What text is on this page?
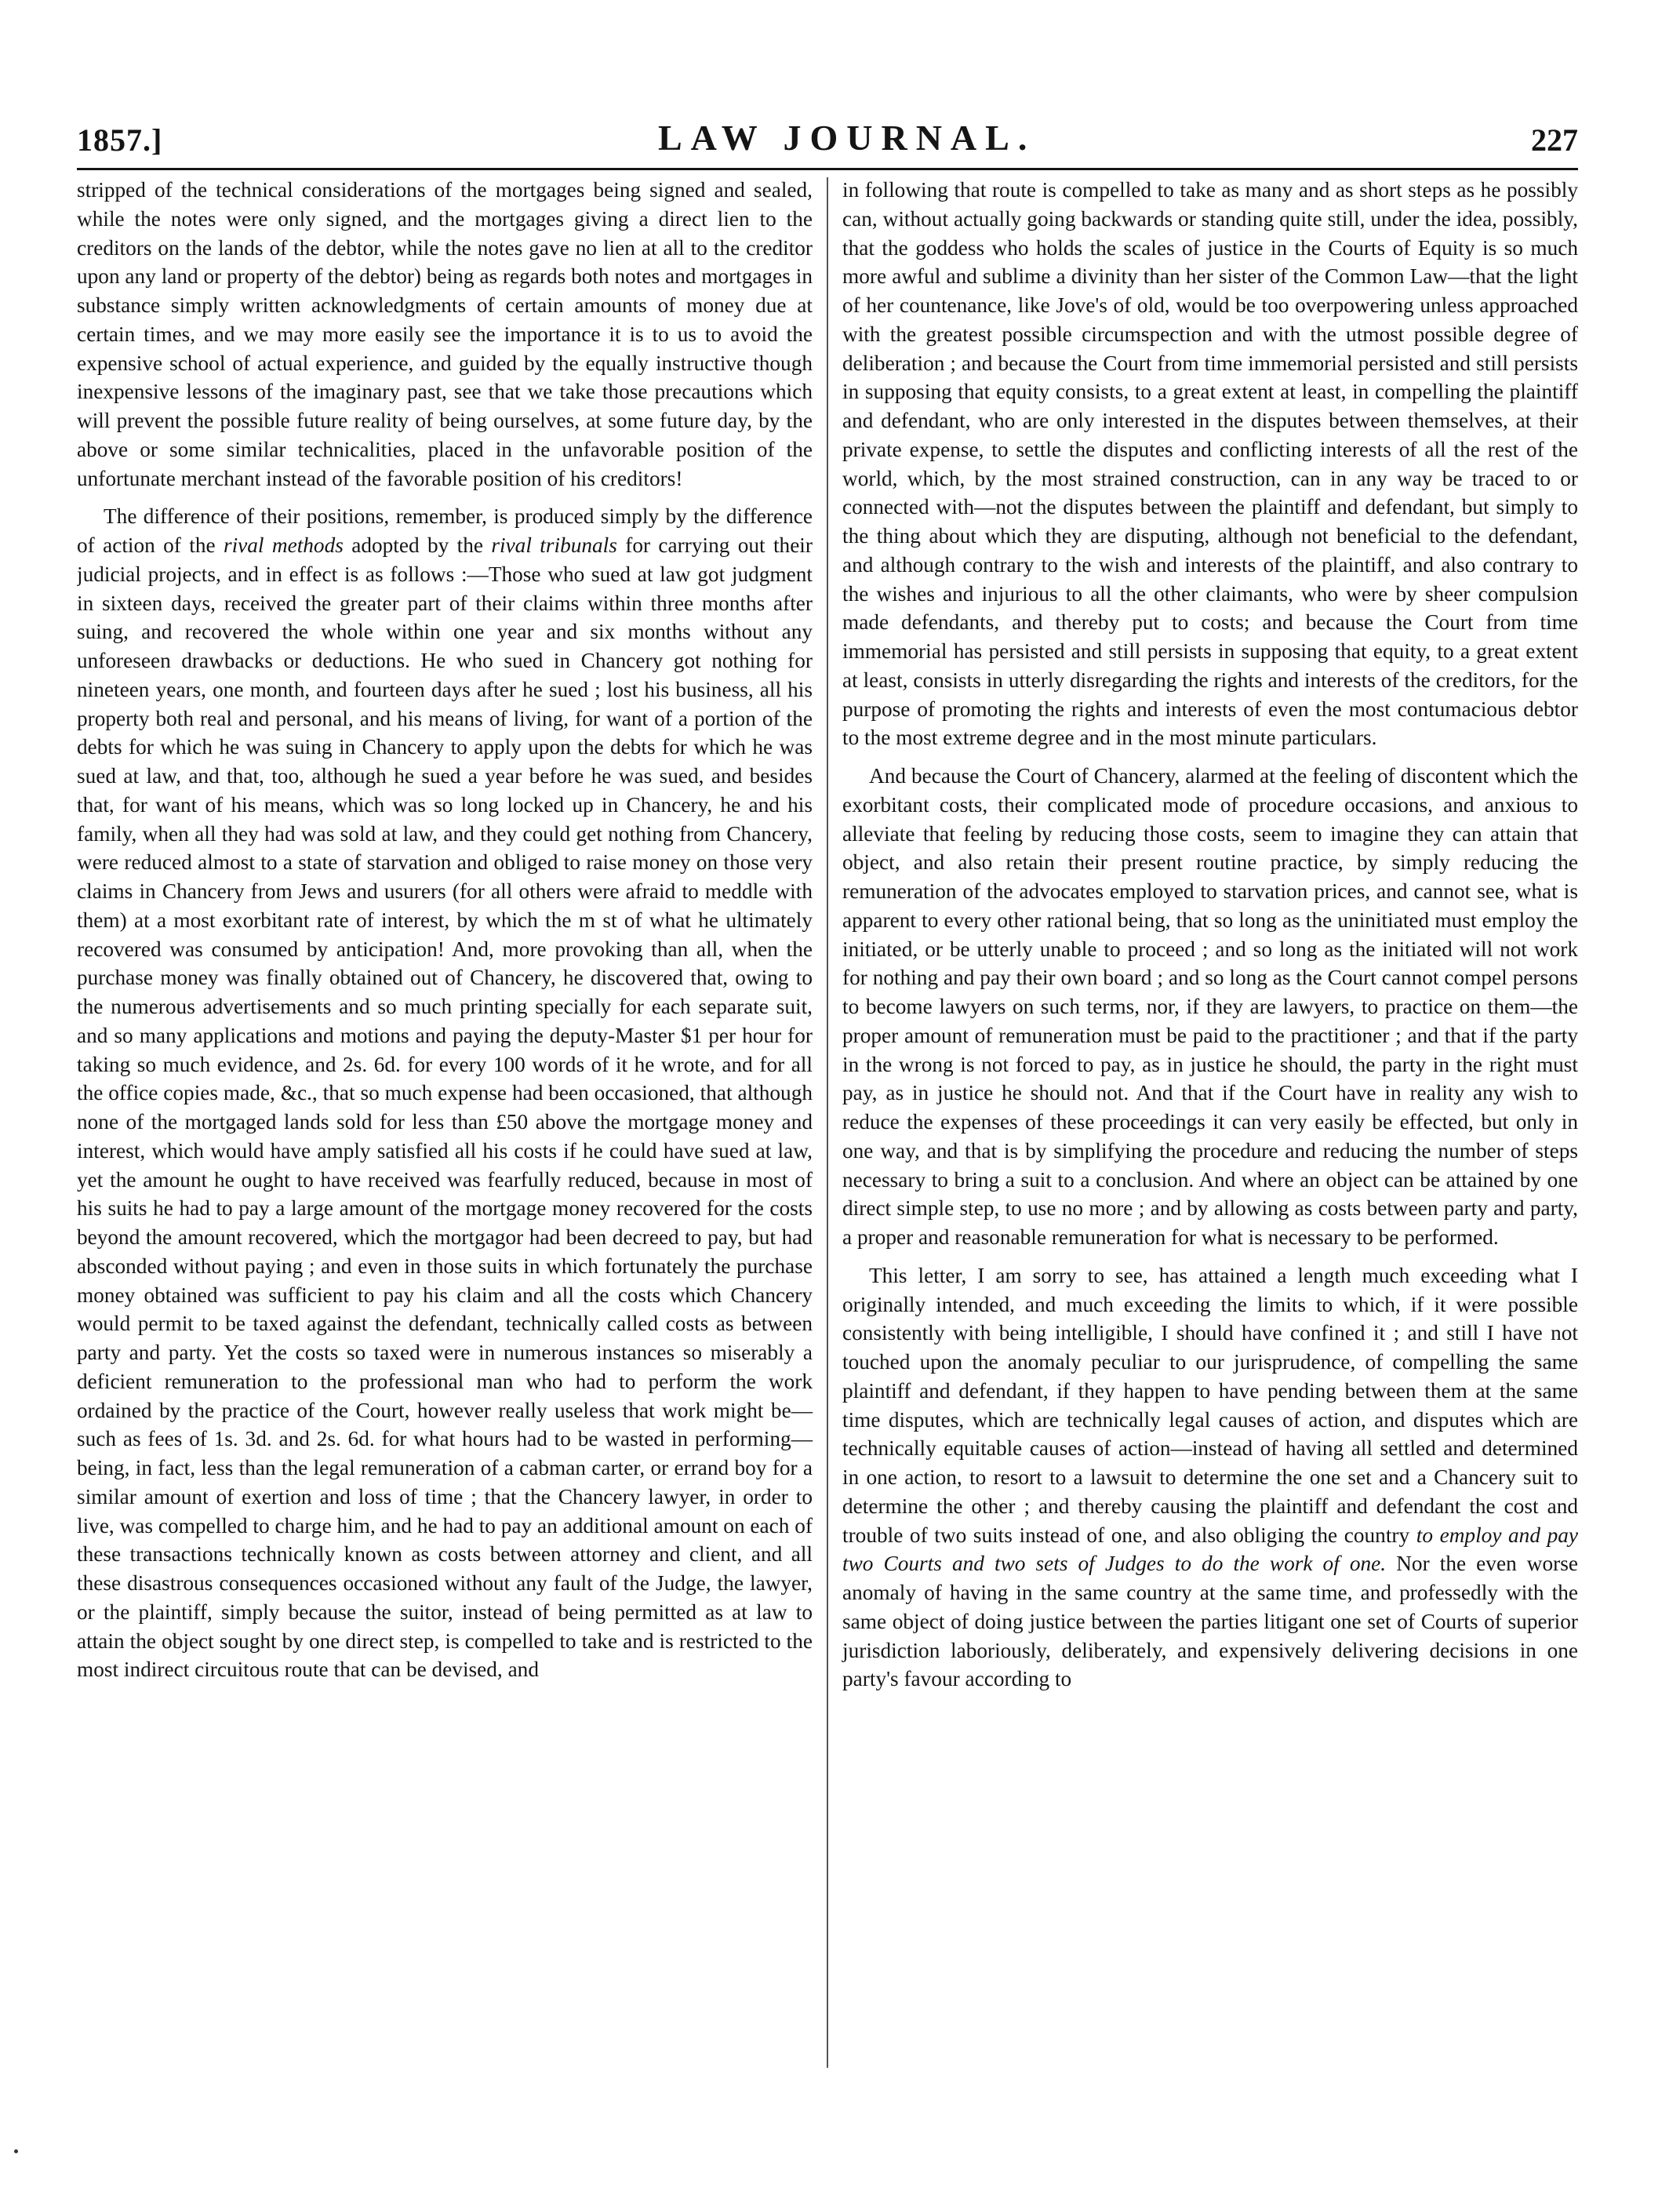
1857.]	LAW JOURNAL.	227

stripped of the technical considerations of the mortgages being signed and sealed, while the notes were only signed, and the mortgages giving a direct lien to the creditors on the lands of the debtor, while the notes gave no lien at all to the creditor upon any land or property of the debtor) being as regards both notes and mortgages in substance simply written acknowledgments of certain amounts of money due at certain times, and we may more easily see the importance it is to us to avoid the expensive school of actual experience, and guided by the equally instructive though inexpensive lessons of the imaginary past, see that we take those precautions which will prevent the possible future reality of being ourselves, at some future day, by the above or some similar technicalities, placed in the unfavorable position of the unfortunate merchant instead of the favorable position of his creditors!

The difference of their positions, remember, is produced simply by the difference of action of the rival methods adopted by the rival tribunals for carrying out their judicial projects, and in effect is as follows :—Those who sued at law got judgment in sixteen days, received the greater part of their claims within three months after suing, and recovered the whole within one year and six months without any unforeseen drawbacks or deductions. He who sued in Chancery got nothing for nineteen years, one month, and fourteen days after he sued ; lost his business, all his property both real and personal, and his means of living, for want of a portion of the debts for which he was suing in Chancery to apply upon the debts for which he was sued at law, and that, too, although he sued a year before he was sued, and besides that, for want of his means, which was so long locked up in Chancery, he and his family, when all they had was sold at law, and they could get nothing from Chancery, were reduced almost to a state of starvation and obliged to raise money on those very claims in Chancery from Jews and usurers (for all others were afraid to meddle with them) at a most exorbitant rate of interest, by which the m st of what he ultimately recovered was consumed by anticipation! And, more provoking than all, when the purchase money was finally obtained out of Chancery, he discovered that, owing to the numerous advertisements and so much printing specially for each separate suit, and so many applications and motions and paying the deputy-Master $1 per hour for taking so much evidence, and 2s. 6d. for every 100 words of it he wrote, and for all the office copies made, &c., that so much expense had been occasioned, that although none of the mortgaged lands sold for less than £50 above the mortgage money and interest, which would have amply satisfied all his costs if he could have sued at law, yet the amount he ought to have received was fearfully reduced, because in most of his suits he had to pay a large amount of the mortgage money recovered for the costs beyond the amount recovered, which the mortgagor had been decreed to pay, but had absconded without paying ; and even in those suits in which fortunately the purchase money obtained was sufficient to pay his claim and all the costs which Chancery would permit to be taxed against the defendant, technically called costs as between party and party. Yet the costs so taxed were in numerous instances so miserably a deficient remuneration to the professional man who had to perform the work ordained by the practice of the Court, however really useless that work might be—such as fees of 1s. 3d. and 2s. 6d. for what hours had to be wasted in performing—being, in fact, less than the legal remuneration of a cabman carter, or errand boy for a similar amount of exertion and loss of time ; that the Chancery lawyer, in order to live, was compelled to charge him, and he had to pay an additional amount on each of these transactions technically known as costs between attorney and client, and all these disastrous consequences occasioned without any fault of the Judge, the lawyer, or the plaintiff, simply because the suitor, instead of being permitted as at law to attain the object sought by one direct step, is compelled to take and is restricted to the most indirect circuitous route that can be devised, and

in following that route is compelled to take as many and as short steps as he possibly can, without actually going backwards or standing quite still, under the idea, possibly, that the goddess who holds the scales of justice in the Courts of Equity is so much more awful and sublime a divinity than her sister of the Common Law—that the light of her countenance, like Jove's of old, would be too overpowering unless approached with the greatest possible circumspection and with the utmost possible degree of deliberation ; and because the Court from time immemorial persisted and still persists in supposing that equity consists, to a great extent at least, in compelling the plaintiff and defendant, who are only interested in the disputes between themselves, at their private expense, to settle the disputes and conflicting interests of all the rest of the world, which, by the most strained construction, can in any way be traced to or connected with—not the disputes between the plaintiff and defendant, but simply to the thing about which they are disputing, although not beneficial to the defendant, and although contrary to the wish and interests of the plaintiff, and also contrary to the wishes and injurious to all the other claimants, who were by sheer compulsion made defendants, and thereby put to costs; and because the Court from time immemorial has persisted and still persists in supposing that equity, to a great extent at least, consists in utterly disregarding the rights and interests of the creditors, for the purpose of promoting the rights and interests of even the most contumacious debtor to the most extreme degree and in the most minute particulars.

And because the Court of Chancery, alarmed at the feeling of discontent which the exorbitant costs, their complicated mode of procedure occasions, and anxious to alleviate that feeling by reducing those costs, seem to imagine they can attain that object, and also retain their present routine practice, by simply reducing the remuneration of the advocates employed to starvation prices, and cannot see, what is apparent to every other rational being, that so long as the uninitiated must employ the initiated, or be utterly unable to proceed ; and so long as the initiated will not work for nothing and pay their own board ; and so long as the Court cannot compel persons to become lawyers on such terms, nor, if they are lawyers, to practice on them—the proper amount of remuneration must be paid to the practitioner ; and that if the party in the wrong is not forced to pay, as in justice he should, the party in the right must pay, as in justice he should not. And that if the Court have in reality any wish to reduce the expenses of these proceedings it can very easily be effected, but only in one way, and that is by simplifying the procedure and reducing the number of steps necessary to bring a suit to a conclusion. And where an object can be attained by one direct simple step, to use no more ; and by allowing as costs between party and party, a proper and reasonable remuneration for what is necessary to be performed.

This letter, I am sorry to see, has attained a length much exceeding what I originally intended, and much exceeding the limits to which, if it were possible consistently with being intelligible, I should have confined it ; and still I have not touched upon the anomaly peculiar to our jurisprudence, of compelling the same plaintiff and defendant, if they happen to have pending between them at the same time disputes, which are technically legal causes of action, and disputes which are technically equitable causes of action—instead of having all settled and determined in one action, to resort to a lawsuit to determine the one set and a Chancery suit to determine the other ; and thereby causing the plaintiff and defendant the cost and trouble of two suits instead of one, and also obliging the country to employ and pay two Courts and two sets of Judges to do the work of one. Nor the even worse anomaly of having in the same country at the same time, and professedly with the same object of doing justice between the parties litigant one set of Courts of superior jurisdiction laboriously, deliberately, and expensively delivering decisions in one party's favour according to
